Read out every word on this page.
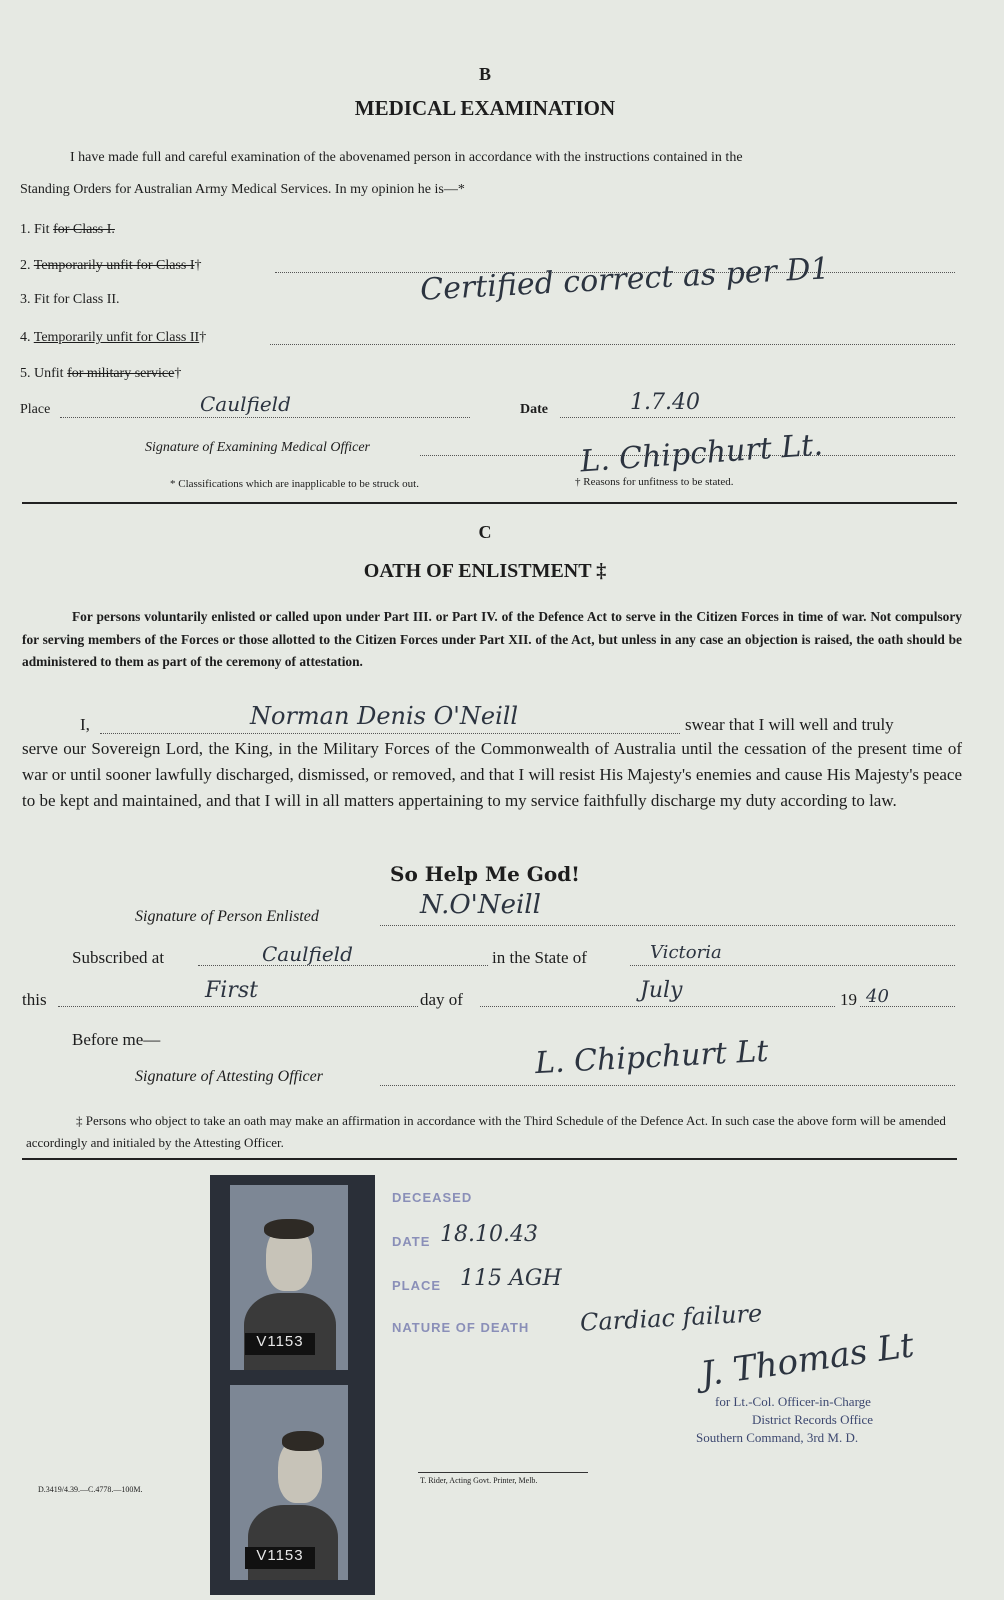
B
MEDICAL EXAMINATION
I have made full and careful examination of the abovenamed person in accordance with the instructions contained in the
Standing Orders for Australian Army Medical Services. In my opinion he is—*
1. Fit for Class I.
2. Temporarily unfit for Class I†
3. Fit for Class II.	Certified correct as per D1
4. Temporarily unfit for Class II†
5. Unfit for military service†
Place	Caulfield	Date	1.7.40
Signature of Examining Medical Officer	L. Chipchurt Lt.
* Classifications which are inapplicable to be struck out.	† Reasons for unfitness to be stated.
C
OATH OF ENLISTMENT ‡
For persons voluntarily enlisted or called upon under Part III. or Part IV. of the Defence Act to serve in the Citizen Forces in time of war. Not compulsory for serving members of the Forces or those allotted to the Citizen Forces under Part XII. of the Act, but unless in any case an objection is raised, the oath should be administered to them as part of the ceremony of attestation.
I,	Norman Denis O'Neill	swear that I will well and truly
serve our Sovereign Lord, the King, in the Military Forces of the Commonwealth of Australia until the cessation of the present time of war or until sooner lawfully discharged, dismissed, or removed, and that I will resist His Majesty's enemies and cause His Majesty's peace to be kept and maintained, and that I will in all matters appertaining to my service faithfully discharge my duty according to law.
So Help Me God!
Signature of Person Enlisted	N.O'Neill
Subscribed at	Caulfield	in the State of	Victoria
this	First	day of	July	19 40
Before me—
Signature of Attesting Officer	L. Chipchurt Lt
‡ Persons who object to take an oath may make an affirmation in accordance with the Third Schedule of the Defence Act. In such case the above form will be amended accordingly and initialed by the Attesting Officer.
V1153
V1153
DECEASED
DATE 18.10.43
PLACE 115 AGH
NATURE OF DEATH Cardiac failure
J. Thomas Lt
for Lt.-Col. Officer-in-Charge
District Records Office
Southern Command, 3rd M. D.
D.3419/4.39.—C.4778.—100M.
T. Rider, Acting Govt. Printer, Melb.
